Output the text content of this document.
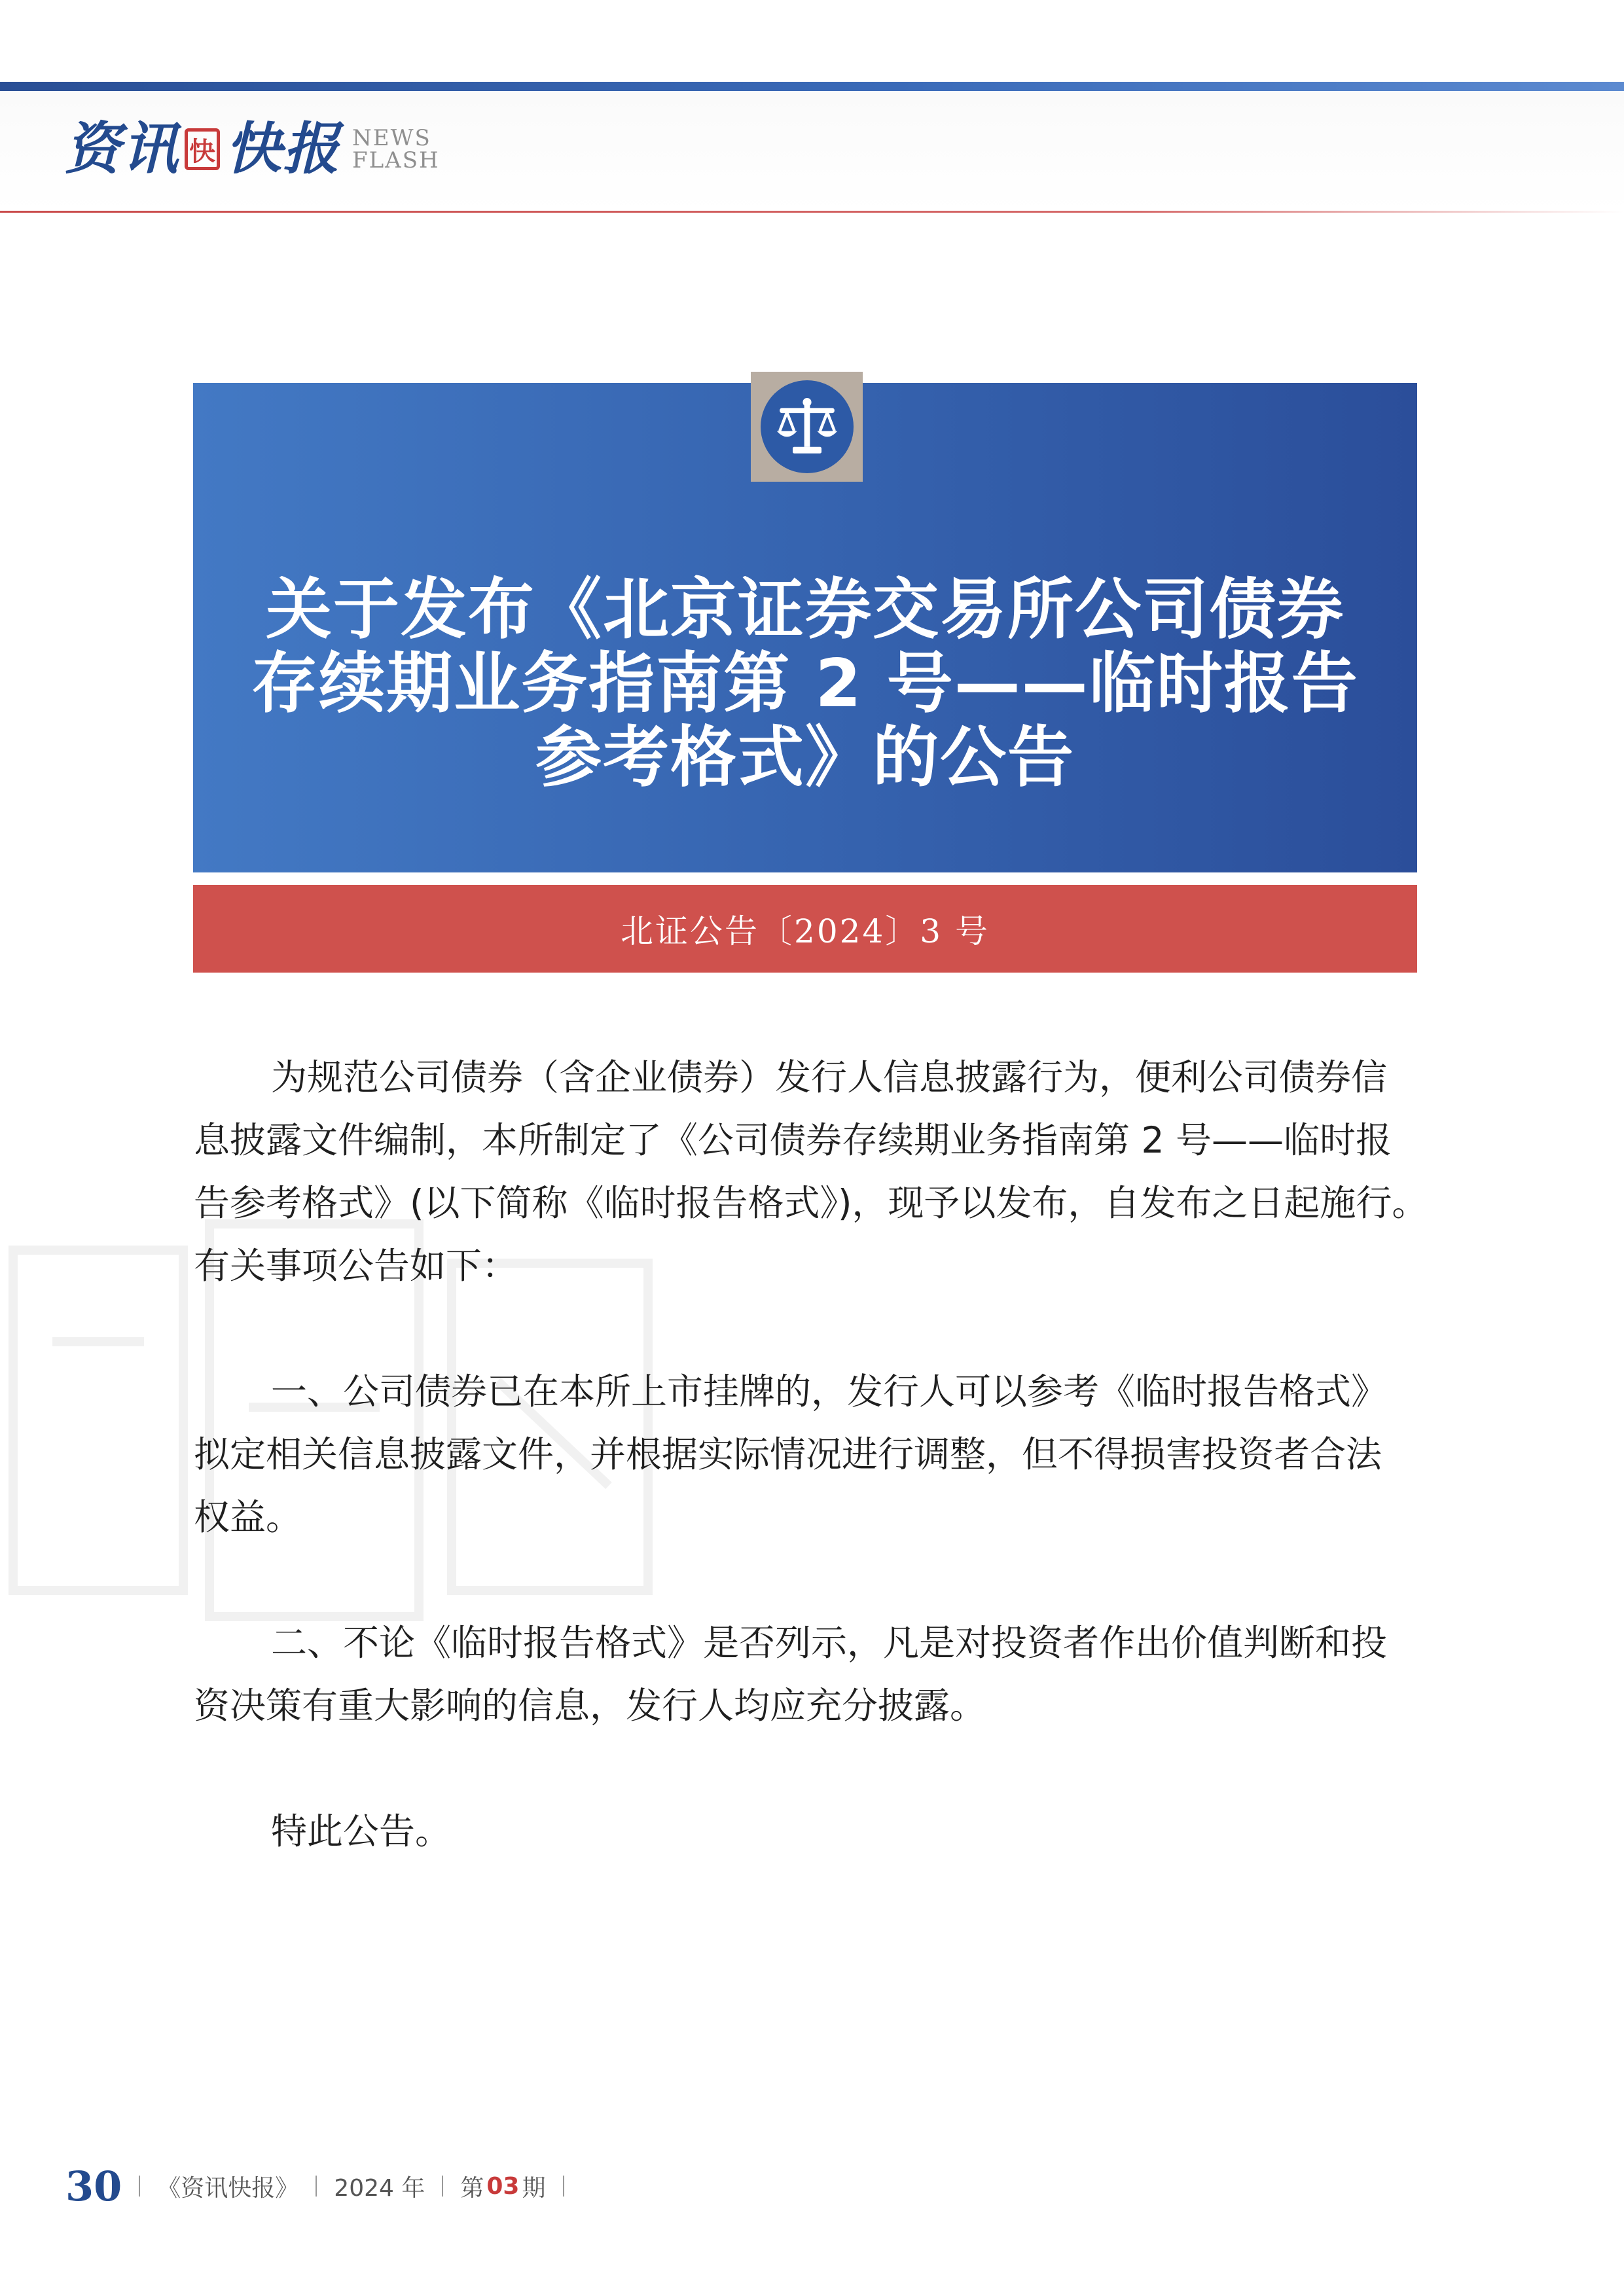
资讯 快 快报 NEWS
FLASH
关于发布《北京证券交易所公司债券
存续期业务指南第 2 号——临时报告
参考格式》的公告
北证公告〔2024〕3 号

为规范公司债券（含企业债券）发行人信息披露行为，便利公司债券信

息披露文件编制，本所制定了《公司债券存续期业务指南第 2 号——临时报

告参考格式》(以下简称《临时报告格式》)，现予以发布，自发布之日起施行。

有关事项公告如下：

一、公司债券已在本所上市挂牌的，发行人可以参考《临时报告格式》

拟定相关信息披露文件，并根据实际情况进行调整，但不得损害投资者合法

权益。

二、不论《临时报告格式》是否列示，凡是对投资者作出价值判断和投

资决策有重大影响的信息，发行人均应充分披露。

特此公告。

30 《资讯快报》 2024 年 第 03 期
